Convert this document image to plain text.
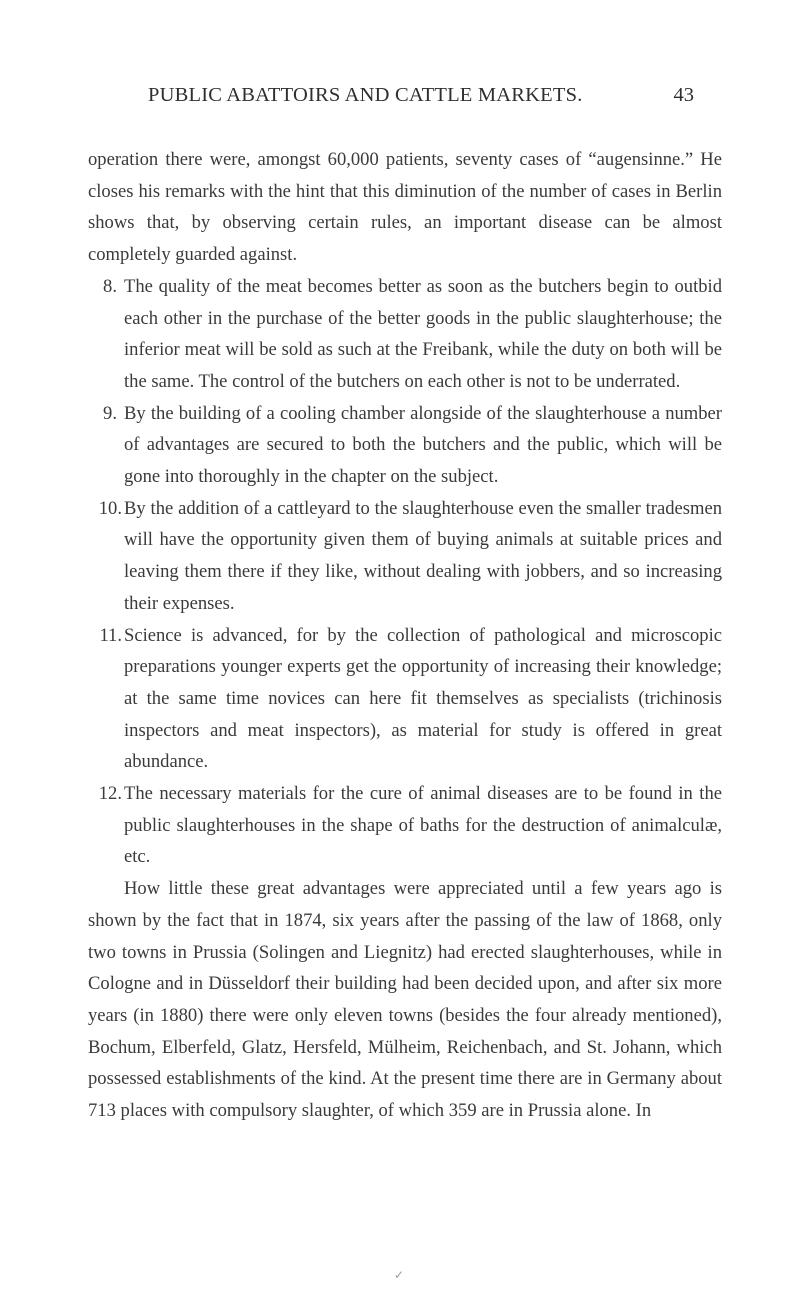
PUBLIC ABATTOIRS AND CATTLE MARKETS.	43

operation there were, amongst 60,000 patients, seventy cases of “augensinne.” He closes his remarks with the hint that this diminution of the number of cases in Berlin shows that, by observing certain rules, an important disease can be almost completely guarded against.

8. The quality of the meat becomes better as soon as the butchers begin to outbid each other in the purchase of the better goods in the public slaughterhouse; the inferior meat will be sold as such at the Freibank, while the duty on both will be the same. The control of the butchers on each other is not to be underrated.
9. By the building of a cooling chamber alongside of the slaughterhouse a number of advantages are secured to both the butchers and the public, which will be gone into thoroughly in the chapter on the subject.
10. By the addition of a cattleyard to the slaughterhouse even the smaller tradesmen will have the opportunity given them of buying animals at suitable prices and leaving them there if they like, without dealing with jobbers, and so increasing their expenses.
11. Science is advanced, for by the collection of pathological and microscopic preparations younger experts get the opportunity of increasing their knowledge; at the same time novices can here fit themselves as specialists (trichinosis inspectors and meat inspectors), as material for study is offered in great abundance.
12. The necessary materials for the cure of animal diseases are to be found in the public slaughterhouses in the shape of baths for the destruction of animalculæ, etc.

How little these great advantages were appreciated until a few years ago is shown by the fact that in 1874, six years after the passing of the law of 1868, only two towns in Prussia (Solingen and Liegnitz) had erected slaughterhouses, while in Cologne and in Düsseldorf their building had been decided upon, and after six more years (in 1880) there were only eleven towns (besides the four already mentioned), Bochum, Elberfeld, Glatz, Hersfeld, Mülheim, Reichenbach, and St. Johann, which possessed establishments of the kind. At the present time there are in Germany about 713 places with compulsory slaughter, of which 359 are in Prussia alone. In

✓
